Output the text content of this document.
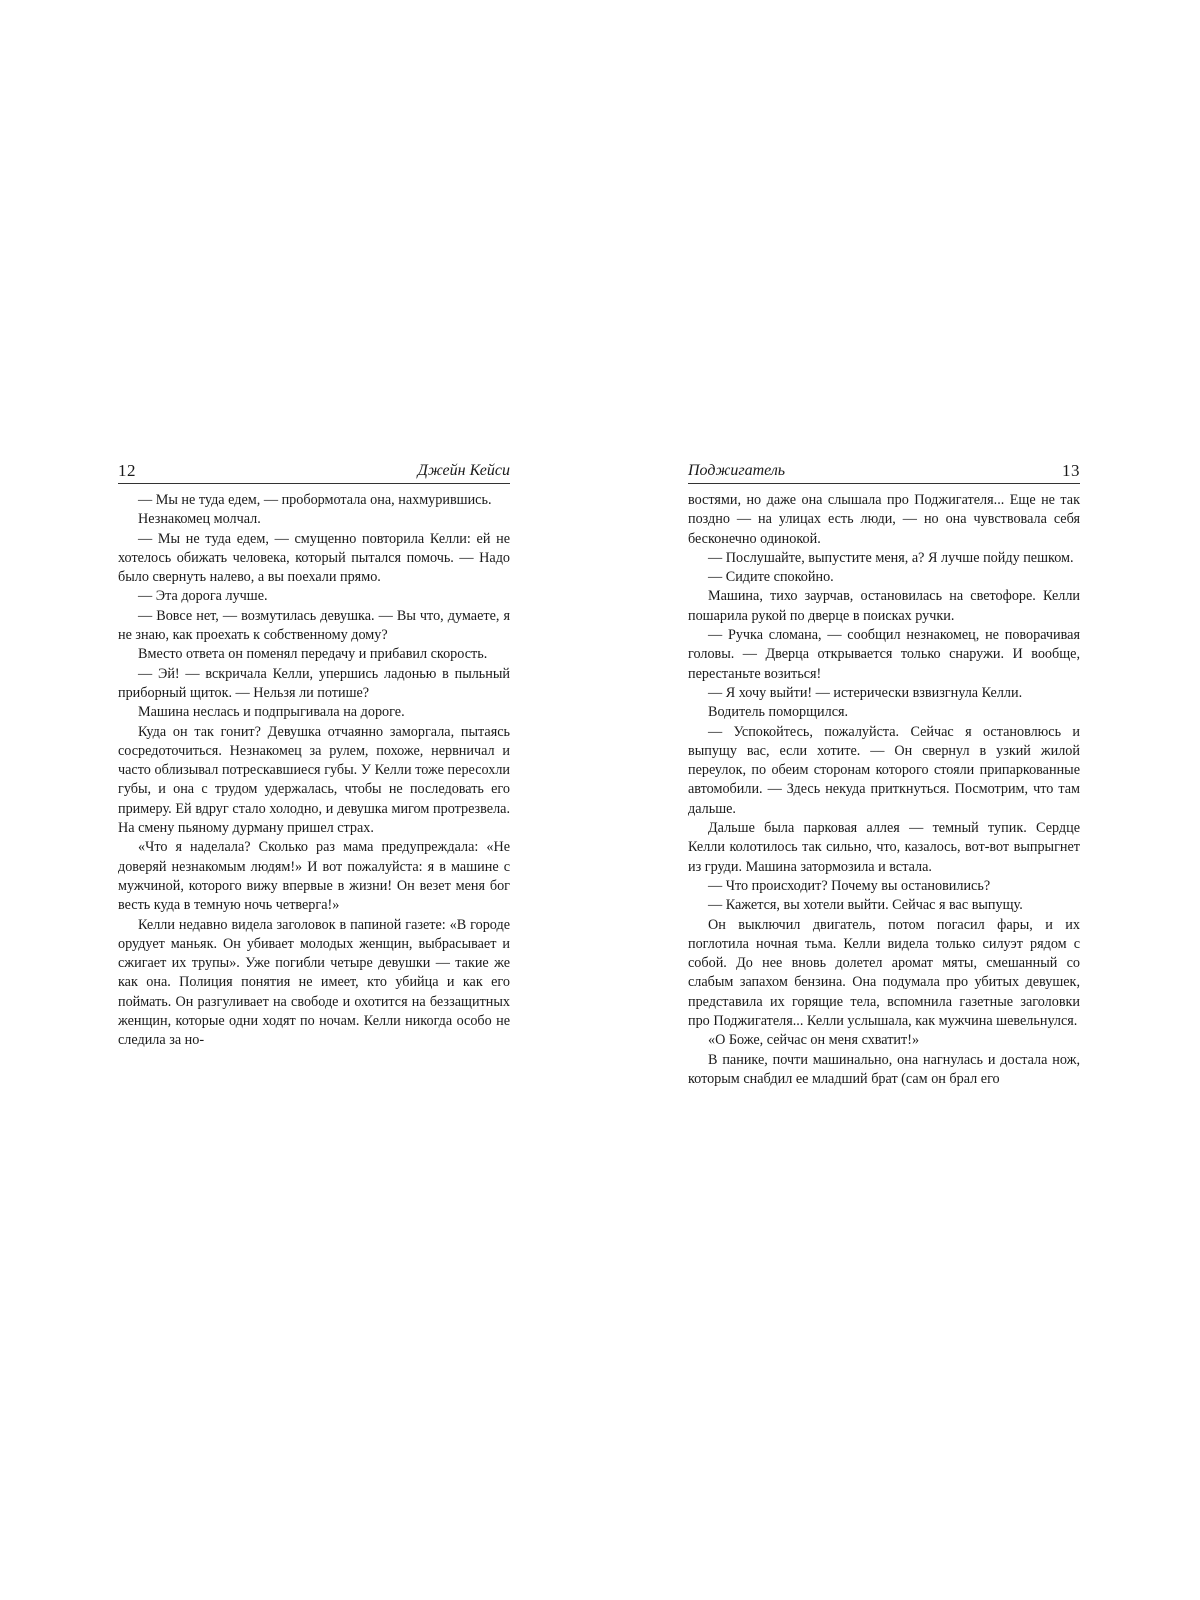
12	Джейн Кейси

— Мы не туда едем, — пробормотала она, нахмурившись.

Незнакомец молчал.

— Мы не туда едем, — смущенно повторила Келли: ей не хотелось обижать человека, который пытался помочь. — Надо было свернуть налево, а вы поехали прямо.

— Эта дорога лучше.

— Вовсе нет, — возмутилась девушка. — Вы что, думаете, я не знаю, как проехать к собственному дому?

Вместо ответа он поменял передачу и прибавил скорость.

— Эй! — вскричала Келли, упершись ладонью в пыльный приборный щиток. — Нельзя ли потише?

Машина неслась и подпрыгивала на дороге.

Куда он так гонит? Девушка отчаянно заморгала, пытаясь сосредоточиться. Незнакомец за рулем, похоже, нервничал и часто облизывал потрескавшиеся губы. У Келли тоже пересохли губы, и она с трудом удержалась, чтобы не последовать его примеру. Ей вдруг стало холодно, и девушка мигом протрезвела. На смену пьяному дурману пришел страх.

«Что я наделала? Сколько раз мама предупреждала: «Не доверяй незнакомым людям!» И вот пожалуйста: я в машине с мужчиной, которого вижу впервые в жизни! Он везет меня бог весть куда в темную ночь четверга!»

Келли недавно видела заголовок в папиной газете: «В городе орудует маньяк. Он убивает молодых женщин, выбрасывает и сжигает их трупы». Уже погибли четыре девушки — такие же как она. Полиция понятия не имеет, кто убийца и как его поймать. Он разгуливает на свободе и охотится на беззащитных женщин, которые одни ходят по ночам. Келли никогда особо не следила за но-

Поджигатель	13

востями, но даже она слышала про Поджигателя... Еще не так поздно — на улицах есть люди, — но она чувствовала себя бесконечно одинокой.

— Послушайте, выпустите меня, а? Я лучше пойду пешком.

— Сидите спокойно.

Машина, тихо заурчав, остановилась на светофоре. Келли пошарила рукой по дверце в поисках ручки.

— Ручка сломана, — сообщил незнакомец, не поворачивая головы. — Дверца открывается только снаружи. И вообще, перестаньте возиться!

— Я хочу выйти! — истерически взвизгнула Келли.

Водитель поморщился.

— Успокойтесь, пожалуйста. Сейчас я остановлюсь и выпущу вас, если хотите. — Он свернул в узкий жилой переулок, по обеим сторонам которого стояли припаркованные автомобили. — Здесь некуда приткнуться. Посмотрим, что там дальше.

Дальше была парковая аллея — темный тупик. Сердце Келли колотилось так сильно, что, казалось, вот-вот выпрыгнет из груди. Машина затормозила и встала.

— Что происходит? Почему вы остановились?

— Кажется, вы хотели выйти. Сейчас я вас выпущу.

Он выключил двигатель, потом погасил фары, и их поглотила ночная тьма. Келли видела только силуэт рядом с собой. До нее вновь долетел аромат мяты, смешанный со слабым запахом бензина. Она подумала про убитых девушек, представила их горящие тела, вспомнила газетные заголовки про Поджигателя... Келли услышала, как мужчина шевельнулся.

«О Боже, сейчас он меня схватит!»

В панике, почти машинально, она нагнулась и достала нож, которым снабдил ее младший брат (сам он брал его
